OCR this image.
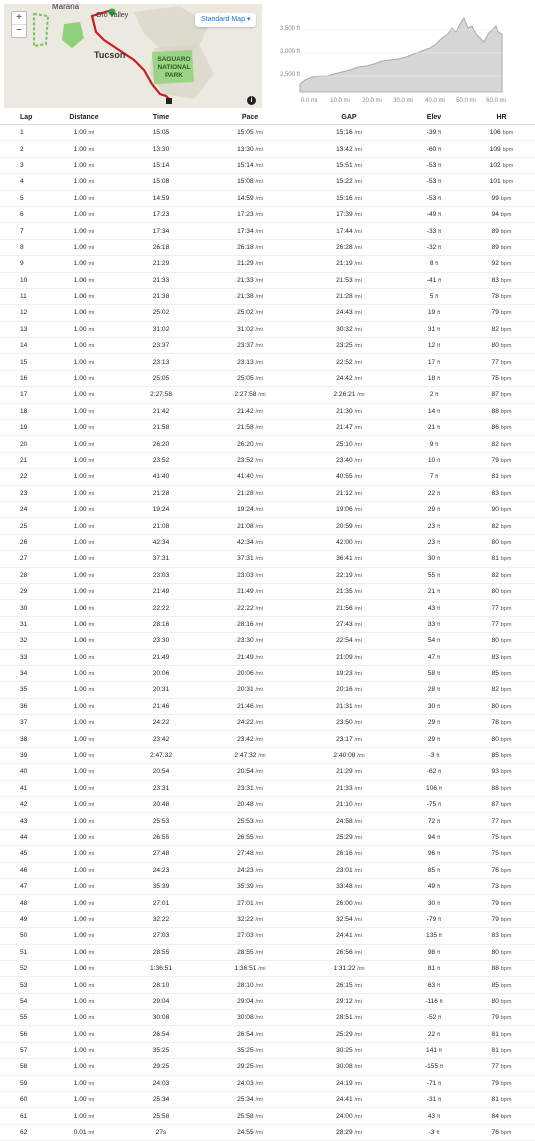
Marana
Oro Valley
Tucson	SAGUARO NATIONAL PARK
+
−
Standard Map ▾
i
3,500 ft
3,000 ft
2,500 ft
0.0 mi 10.0 mi 20.0 mi 30.0 mi 40.0 mi 50.0 mi 60.0 mi
Lap	Distance	Time	Pace	GAP	Elev	HR
1	1.00 mi	15:05	15:05 /mi	15:16 /mi	-39 ft	106 bpm
2	1.00 mi	13:30	13:30 /mi	13:42 /mi	-60 ft	109 bpm
3	1.00 mi	15:14	15:14 /mi	15:51 /mi	-53 ft	102 bpm
4	1.00 mi	15:08	15:08 /mi	15:22 /mi	-53 ft	101 bpm
5	1.00 mi	14:59	14:59 /mi	15:16 /mi	-53 ft	99 bpm
6	1.00 mi	17:23	17:23 /mi	17:39 /mi	-49 ft	94 bpm
7	1.00 mi	17:34	17:34 /mi	17:44 /mi	-33 ft	89 bpm
8	1.00 mi	26:18	26:18 /mi	26:28 /mi	-32 ft	89 bpm
9	1.00 mi	21:29	21:29 /mi	21:19 /mi	8 ft	92 bpm
10	1.00 mi	21:33	21:33 /mi	21:53 /mi	-41 ft	83 bpm
11	1.00 mi	21:38	21:38 /mi	21:28 /mi	5 ft	78 bpm
12	1.00 mi	25:02	25:02 /mi	24:43 /mi	19 ft	79 bpm
13	1.00 mi	31:02	31:02 /mi	30:32 /mi	31 ft	82 bpm
14	1.00 mi	23:37	23:37 /mi	23:25 /mi	12 ft	80 bpm
15	1.00 mi	23:13	23:13 /mi	22:52 /mi	17 ft	77 bpm
16	1.00 mi	25:05	25:05 /mi	24:42 /mi	18 ft	75 bpm
17	1.00 mi	2:27:58	2:27:58 /mi	2:26:21 /mi	2 ft	87 bpm
18	1.00 mi	21:42	21:42 /mi	21:30 /mi	14 ft	88 bpm
19	1.00 mi	21:58	21:58 /mi	21:47 /mi	21 ft	86 bpm
20	1.00 mi	26:20	26:20 /mi	25:10 /mi	9 ft	82 bpm
21	1.00 mi	23:52	23:52 /mi	23:40 /mi	10 ft	79 bpm
22	1.00 mi	41:40	41:40 /mi	40:55 /mi	7 ft	81 bpm
23	1.00 mi	21:28	21:28 /mi	21:12 /mi	22 ft	83 bpm
24	1.00 mi	19:24	19:24 /mi	19:06 /mi	29 ft	90 bpm
25	1.00 mi	21:08	21:08 /mi	20:59 /mi	23 ft	82 bpm
26	1.00 mi	42:34	42:34 /mi	42:00 /mi	23 ft	80 bpm
27	1.00 mi	37:31	37:31 /mi	36:41 /mi	30 ft	81 bpm
28	1.00 mi	23:03	23:03 /mi	22:19 /mi	55 ft	82 bpm
29	1.00 mi	21:49	21:49 /mi	21:35 /mi	21 ft	80 bpm
30	1.00 mi	22:22	22:22 /mi	21:56 /mi	43 ft	77 bpm
31	1.00 mi	28:16	28:16 /mi	27:43 /mi	33 ft	77 bpm
32	1.00 mi	23:30	23:30 /mi	22:54 /mi	54 ft	80 bpm
33	1.00 mi	21:49	21:49 /mi	21:09 /mi	47 ft	83 bpm
34	1.00 mi	20:06	20:06 /mi	19:23 /mi	58 ft	85 bpm
35	1.00 mi	20:31	20:31 /mi	20:16 /mi	28 ft	82 bpm
36	1.00 mi	21:46	21:46 /mi	21:31 /mi	30 ft	80 bpm
37	1.00 mi	24:22	24:22 /mi	23:50 /mi	29 ft	78 bpm
38	1.00 mi	23:42	23:42 /mi	23:17 /mi	29 ft	80 bpm
39	1.00 mi	2:47:32	2:47:32 /mi	2:40:08 /mi	-3 ft	85 bpm
40	1.00 mi	20:54	20:54 /mi	21:29 /mi	-62 ft	93 bpm
41	1.00 mi	23:31	23:31 /mi	21:33 /mi	106 ft	88 bpm
42	1.00 mi	20:48	20:48 /mi	21:10 /mi	-75 ft	87 bpm
43	1.00 mi	25:53	25:53 /mi	24:58 /mi	72 ft	77 bpm
44	1.00 mi	26:55	26:55 /mi	25:29 /mi	94 ft	75 bpm
45	1.00 mi	27:48	27:48 /mi	26:16 /mi	96 ft	75 bpm
46	1.00 mi	24:23	24:23 /mi	23:01 /mi	85 ft	76 bpm
47	1.00 mi	35:39	35:39 /mi	33:48 /mi	49 ft	73 bpm
48	1.00 mi	27:01	27:01 /mi	26:00 /mi	30 ft	79 bpm
49	1.00 mi	32:22	32:22 /mi	32:54 /mi	-79 ft	79 bpm
50	1.00 mi	27:03	27:03 /mi	24:41 /mi	135 ft	83 bpm
51	1.00 mi	28:55	28:55 /mi	26:56 /mi	98 ft	80 bpm
52	1.00 mi	1:36:51	1:36:51 /mi	1:31:22 /mi	81 ft	88 bpm
53	1.00 mi	28:10	28:10 /mi	26:15 /mi	63 ft	85 bpm
54	1.00 mi	29:04	29:04 /mi	29:12 /mi	-116 ft	80 bpm
55	1.00 mi	30:08	30:08 /mi	28:51 /mi	-52 ft	79 bpm
56	1.00 mi	26:54	26:54 /mi	25:29 /mi	22 ft	81 bpm
57	1.00 mi	35:25	35:25 /mi	30:25 /mi	141 ft	81 bpm
58	1.00 mi	29:25	29:25 /mi	30:08 /mi	-155 ft	77 bpm
59	1.00 mi	24:03	24:03 /mi	24:19 /mi	-71 ft	79 bpm
60	1.00 mi	25:34	25:34 /mi	24:41 /mi	-31 ft	81 bpm
61	1.00 mi	25:58	25:58 /mi	24:00 /mi	43 ft	84 bpm
62	0.01 mi	27s	24:55 /mi	28:29 /mi	-3 ft	76 bpm
